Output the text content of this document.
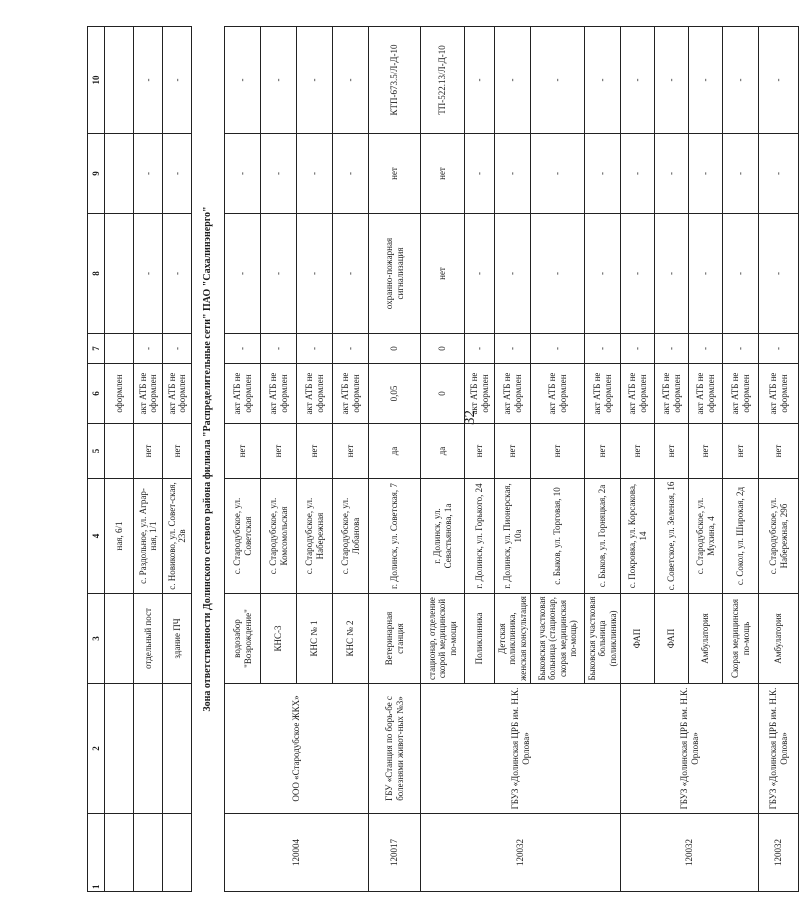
32
1	2	3	4	5	6	7	8	9	10
			ная, 6/1		оформлен				
		отдельный пост	с. Раздольное, ул. Аграр-ная, 1/1	нет	акт АТБ не оформлен	-	-	-	-
		здание ПЧ	с. Новиково, ул. Совет-ская, 23в	нет	акт АТБ не оформлен	-	-	-	-
Зона ответственности Долинского сетевого района филиала "Распределительные сети" ПАО "Сахалинэнерго"									
120004	ООО «Стародубское ЖКХ»	водозабор "Возрождение"	с. Стародубское, ул. Советская	нет	акт АТБ не оформлен	-	-	-	-
		КНС-3	с. Стародубское, ул. Комсомольская	нет	акт АТБ не оформлен	-	-	-	-
		КНС № 1	с. Стародубское, ул. Набережная	нет	акт АТБ не оформлен	-	-	-	-
		КНС № 2	с. Стародубское, ул. Лобанова	нет	акт АТБ не оформлен	-	-	-	-
120017	ГБУ «Станция по борь-бе с болезнями живот-ных №3»	Ветеринарная станция	г. Долинск, ул. Советская, 7	да	0,05	0	охранно-пожарная сигнализация	нет	КТП-673.5/Л-Д-10
120032	ГБУЗ «Долинская ЦРБ им. Н.К. Орлова»	стационар, отделение скорой медицинской по-мощи	г. Долинск, ул. Севастьянова, 1а	да	0	0	нет	нет	ТП-522.13/Л-Д-10
		Поликлиника	г. Долинск, ул. Горького, 24	нет	акт АТБ не оформлен	-	-	-	-
		Детская поликлиника, женская консультация	г. Долинск, ул. Пионерская, 10а	нет	акт АТБ не оформлен	-	-	-	-
		Быковская участковая больница (стационар, скорая медицинская по-мощь)	с. Быков, ул. Торговая, 10	нет	акт АТБ не оформлен	-	-	-	-
		Быковская участковая больница (поликлиника)	с. Быков, ул. Горняцкая, 2а	нет	акт АТБ не оформлен	-	-	-	-
120032	ГБУЗ «Долинская ЦРБ им. Н.К. Орлова»	ФАП	с. Покровка, ул. Корсакова, 14	нет	акт АТБ не оформлен	-	-	-	-
		ФАП	с. Советское, ул. Зеленая, 16	нет	акт АТБ не оформлен	-	-	-	-
		Амбулатория	с. Стародубское, ул. Мухина, 4	нет	акт АТБ не оформлен	-	-	-	-
		Скорая медицинская по-мощь	с. Сокол, ул. Широкая, 2д	нет	акт АТБ не оформлен	-	-	-	-
120032	ГБУЗ «Долинская ЦРБ им. Н.К. Орлова»	Амбулатория	с. Стародубское, ул. Набережная, 29б	нет	акт АТБ не оформлен	-	-	-	-
